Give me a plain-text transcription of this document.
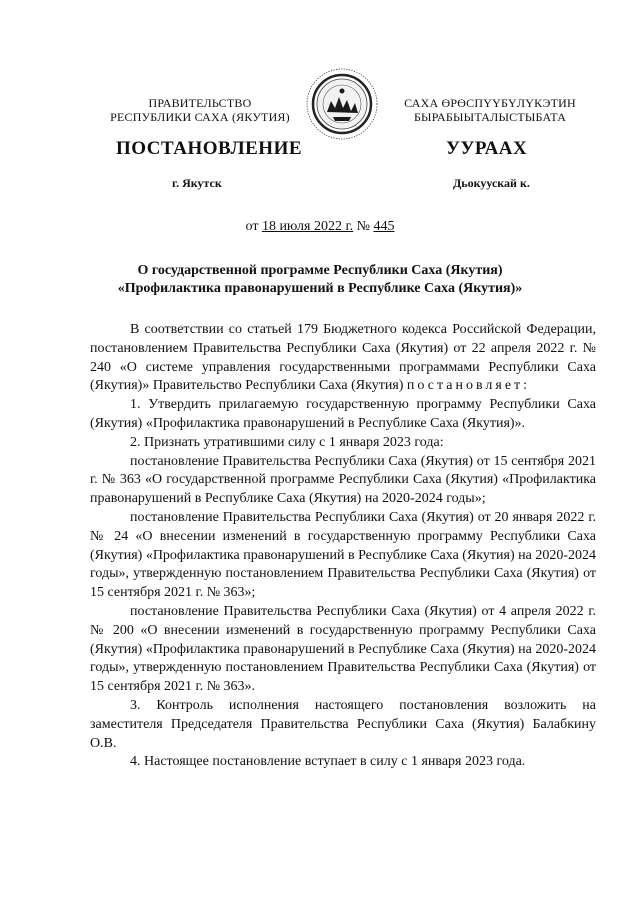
ПРАВИТЕЛЬСТВО
РЕСПУБЛИКИ САХА (ЯКУТИЯ)
САХА ӨРӨСПҮҮБҮЛҮКЭТИН
БЫРАБЫЫТАЛЫСТЫБАТА
ПОСТАНОВЛЕНИЕ	УУРААХ
г. Якутск	Дьокуускай к.
от 18 июля 2022 г. № 445
О государственной программе Республики Саха (Якутия)
«Профилактика правонарушений в Республике Саха (Якутия)»

В соответствии со статьей 179 Бюджетного кодекса Российской Федерации, постановлением Правительства Республики Саха (Якутия) от 22 апреля 2022 г. № 240 «О системе управления государственными программами Республики Саха (Якутия)» Правительство Республики Саха (Якутия) постановляет:

1. Утвердить прилагаемую государственную программу Республики Саха (Якутия) «Профилактика правонарушений в Республике Саха (Якутия)».

2. Признать утратившими силу с 1 января 2023 года:

постановление Правительства Республики Саха (Якутия) от 15 сентября 2021 г. № 363 «О государственной программе Республики Саха (Якутия) «Профилактика правонарушений в Республике Саха (Якутия) на 2020-2024 годы»;

постановление Правительства Республики Саха (Якутия) от 20 января 2022 г. № 24 «О внесении изменений в государственную программу Республики Саха (Якутия) «Профилактика правонарушений в Республике Саха (Якутия) на 2020-2024 годы», утвержденную постановлением Правительства Республики Саха (Якутия) от 15 сентября 2021 г. № 363»;

постановление Правительства Республики Саха (Якутия) от 4 апреля 2022 г. № 200 «О внесении изменений в государственную программу Республики Саха (Якутия) «Профилактика правонарушений в Республике Саха (Якутия) на 2020-2024 годы», утвержденную постановлением Правительства Республики Саха (Якутия) от 15 сентября 2021 г. № 363».

3. Контроль исполнения настоящего постановления возложить на заместителя Председателя Правительства Республики Саха (Якутия) Балабкину О.В.

4. Настоящее постановление вступает в силу с 1 января 2023 года.
